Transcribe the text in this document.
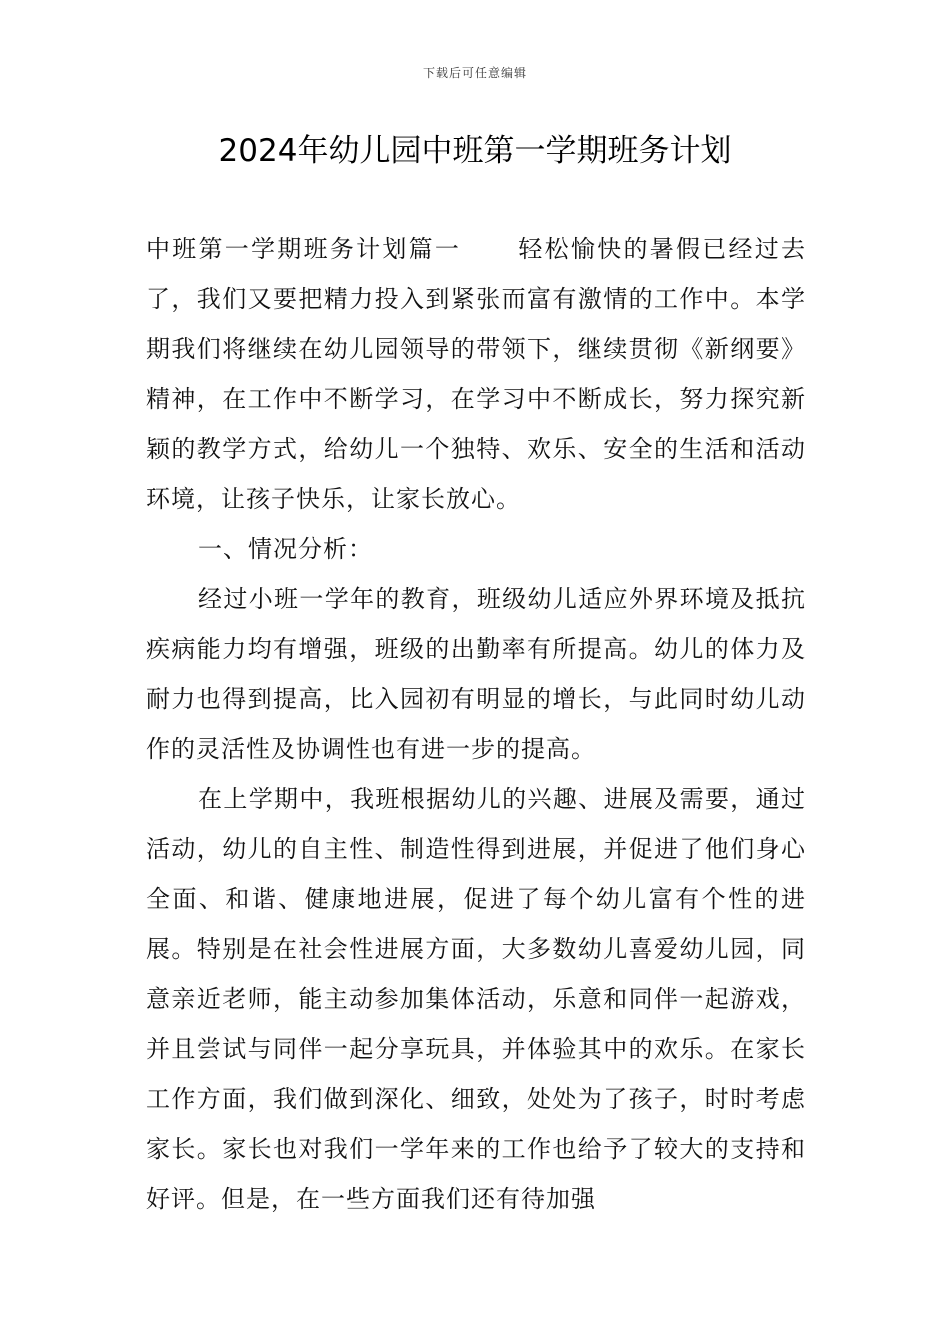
下载后可任意编辑
2024年幼儿园中班第一学期班务计划

中班第一学期班务计划篇一 轻松愉快的暑假已经过去了，我们又要把精力投入到紧张而富有激情的工作中。本学期我们将继续在幼儿园领导的带领下，继续贯彻《新纲要》精神，在工作中不断学习，在学习中不断成长，努力探究新颖的教学方式，给幼儿一个独特、欢乐、安全的生活和活动环境，让孩子快乐，让家长放心。

一、情况分析：

经过小班一学年的教育，班级幼儿适应外界环境及抵抗疾病能力均有增强，班级的出勤率有所提高。幼儿的体力及耐力也得到提高，比入园初有明显的增长，与此同时幼儿动作的灵活性及协调性也有进一步的提高。

在上学期中，我班根据幼儿的兴趣、进展及需要，通过活动，幼儿的自主性、制造性得到进展，并促进了他们身心全面、和谐、健康地进展，促进了每个幼儿富有个性的进展。特别是在社会性进展方面，大多数幼儿喜爱幼儿园，同意亲近老师，能主动参加集体活动，乐意和同伴一起游戏，并且尝试与同伴一起分享玩具，并体验其中的欢乐。在家长工作方面，我们做到深化、细致，处处为了孩子，时时考虑家长。家长也对我们一学年来的工作也给予了较大的支持和好评。但是，在一些方面我们还有待加强
